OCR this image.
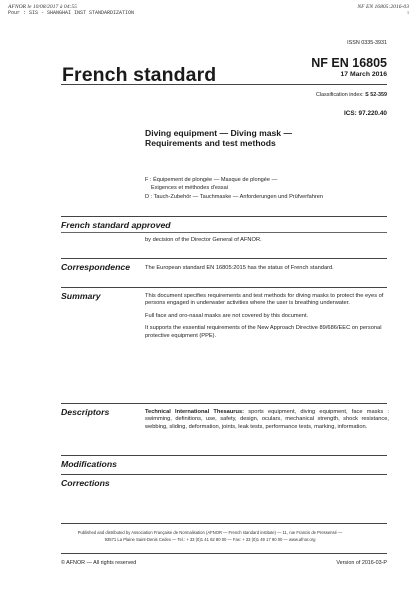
AFNOR le 10/08/2017 à 04:55
Pour : SIS - SHANGHAI INST STANDARDIZATION
NF EN 16805:2016-03
3
ISSN 0335-3931
French standard
NF EN 16805
17 March 2016
Classification index: S 52-359
ICS: 97.220.40
Diving equipment — Diving mask —
Requirements and test methods
F : Équipement de plongée — Masque de plongée —
Exigences et méthodes d'essai
D : Tauch-Zubehör — Tauchmaske — Anforderungen und Prüfverfahren
French standard approved
by decision of the Director General of AFNOR.
Correspondence	The European standard EN 16805:2015 has the status of French standard.
Summary	This document specifies requirements and test methods for diving masks to protect the eyes of persons engaged in underwater activities where the user is breathing underwater.

Full face and oro-nasal masks are not covered by this document.

It supports the essential requirements of the New Approach Directive 89/686/EEC on personal protective equipment (PPE).

Descriptors	Technical International Thesaurus: sports equipment, diving equipment, face masks : swimming, definitions, use, safety, design, oculars, mechanical strength, shock resistance, webbing, sliding, deformation, joints, leak tests, performance tests, marking, information.
Modifications
Corrections
Published and distributed by Association Française de Normalisation (AFNOR — French standard institute) — 11, rue Francis de Pressensé —
93571 La Plaine Saint-Denis Cedex — Tel.: + 33 (0)1 41 62 80 00 — Fax: + 33 (0)1 49 17 90 00 — www.afnor.org
© AFNOR — All rights reserved	Version of 2016-03-P
